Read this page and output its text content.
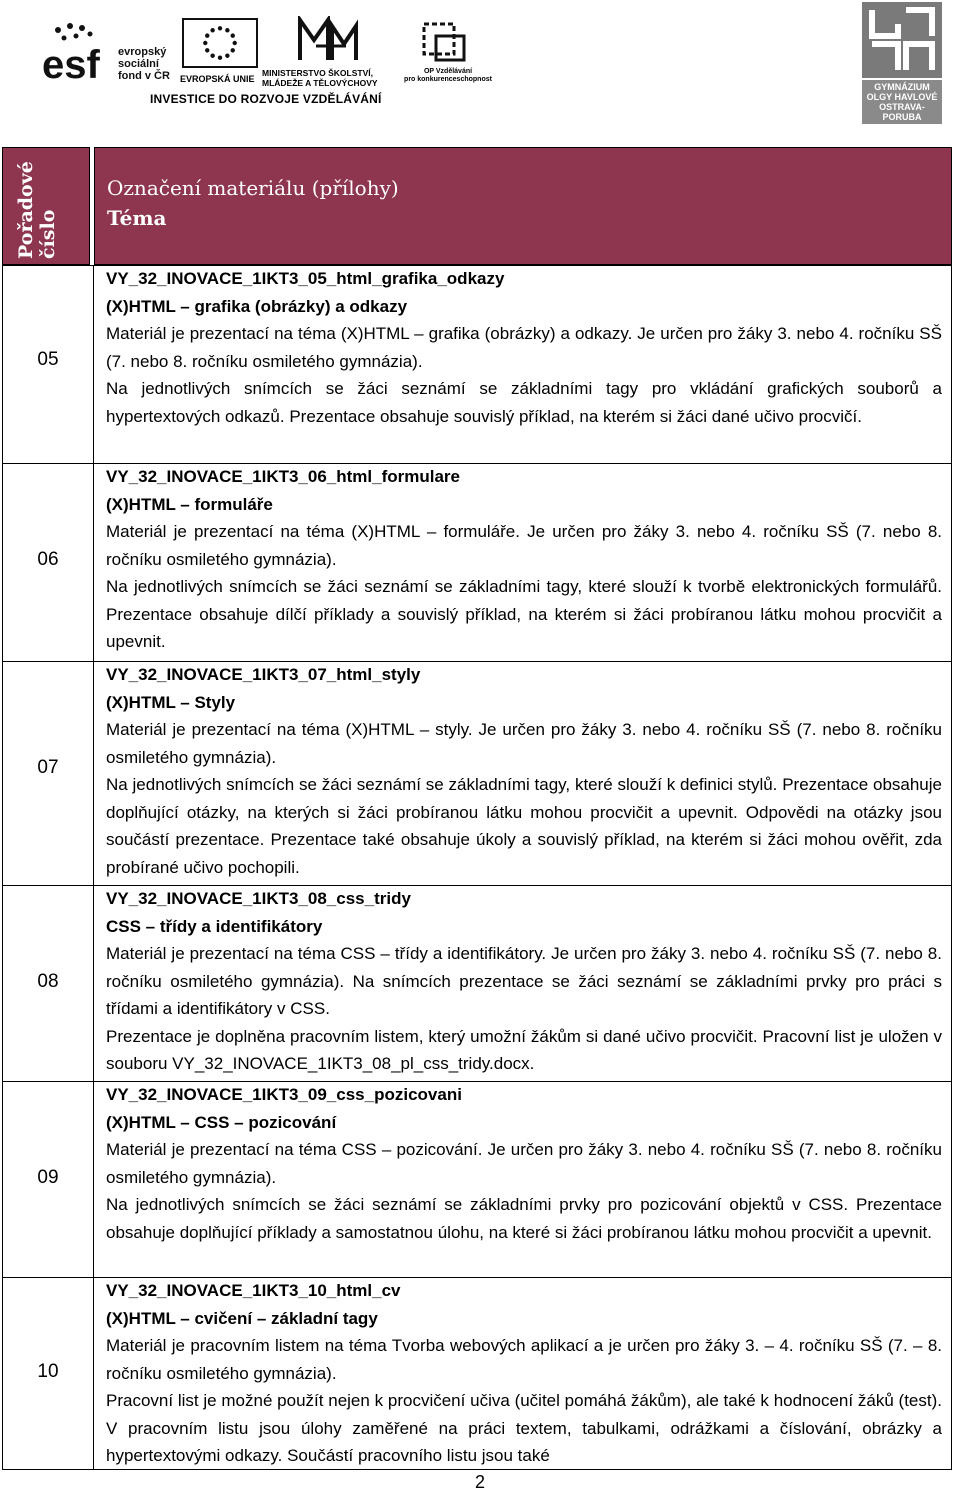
esf evropský
sociální
fond v ČR EVROPSKÁ UNIE
MINISTERSTVO ŠKOLSTVÍ,
MLÁDEŽE A TĚLOVÝCHOVY
OP Vzdělávání
pro konkurenceschopnost
INVESTICE DO ROZVOJE VZDĚLÁVÁNÍ
GYMNÁZIUM
OLGY HAVLOVÉ
OSTRAVA-PORUBA
Pořadové číslo
Označení materiálu (přílohy)
Téma
05
VY_32_INOVACE_1IKT3_05_html_grafika_odkazy
(X)HTML – grafika (obrázky) a odkazy

Materiál je prezentací na téma (X)HTML – grafika (obrázky) a odkazy. Je určen pro žáky 3. nebo 4. ročníku SŠ (7. nebo 8. ročníku osmiletého gymnázia).

Na jednotlivých snímcích se žáci seznámí se základními tagy pro vkládání grafických souborů a hypertextových odkazů. Prezentace obsahuje souvislý příklad, na kterém si žáci dané učivo procvičí.

06
VY_32_INOVACE_1IKT3_06_html_formulare
(X)HTML – formuláře

Materiál je prezentací na téma (X)HTML – formuláře. Je určen pro žáky 3. nebo 4. ročníku SŠ (7. nebo 8. ročníku osmiletého gymnázia).

Na jednotlivých snímcích se žáci seznámí se základními tagy, které slouží k tvorbě elektronických formulářů. Prezentace obsahuje dílčí příklady a souvislý příklad, na kterém si žáci probíranou látku mohou procvičit a upevnit.

07
VY_32_INOVACE_1IKT3_07_html_styly
(X)HTML – Styly

Materiál je prezentací na téma (X)HTML – styly. Je určen pro žáky 3. nebo 4. ročníku SŠ (7. nebo 8. ročníku osmiletého gymnázia).

Na jednotlivých snímcích se žáci seznámí se základními tagy, které slouží k definici stylů. Prezentace obsahuje doplňující otázky, na kterých si žáci probíranou látku mohou procvičit a upevnit. Odpovědi na otázky jsou součástí prezentace. Prezentace také obsahuje úkoly a souvislý příklad, na kterém si žáci mohou ověřit, zda probírané učivo pochopili.

08
VY_32_INOVACE_1IKT3_08_css_tridy
CSS – třídy a identifikátory

Materiál je prezentací na téma CSS – třídy a identifikátory. Je určen pro žáky 3. nebo 4. ročníku SŠ (7. nebo 8. ročníku osmiletého gymnázia). Na snímcích prezentace se žáci seznámí se základními prvky pro práci s třídami a identifikátory v CSS.

Prezentace je doplněna pracovním listem, který umožní žákům si dané učivo procvičit. Pracovní list je uložen v souboru VY_32_INOVACE_1IKT3_08_pl_css_tridy.docx.

09
VY_32_INOVACE_1IKT3_09_css_pozicovani
(X)HTML – CSS – pozicování

Materiál je prezentací na téma CSS – pozicování. Je určen pro žáky 3. nebo 4. ročníku SŠ (7. nebo 8. ročníku osmiletého gymnázia).

Na jednotlivých snímcích se žáci seznámí se základními prvky pro pozicování objektů v CSS. Prezentace obsahuje doplňující příklady a samostatnou úlohu, na které si žáci probíranou látku mohou procvičit a upevnit.

10
VY_32_INOVACE_1IKT3_10_html_cv
(X)HTML – cvičení – základní tagy

Materiál je pracovním listem na téma Tvorba webových aplikací a je určen pro žáky 3. – 4. ročníku SŠ (7. – 8. ročníku osmiletého gymnázia).

Pracovní list je možné použít nejen k procvičení učiva (učitel pomáhá žákům), ale také k hodnocení žáků (test). V pracovním listu jsou úlohy zaměřené na práci textem, tabulkami, odrážkami a číslování, obrázky a hypertextovými odkazy. Součástí pracovního listu jsou také

2
